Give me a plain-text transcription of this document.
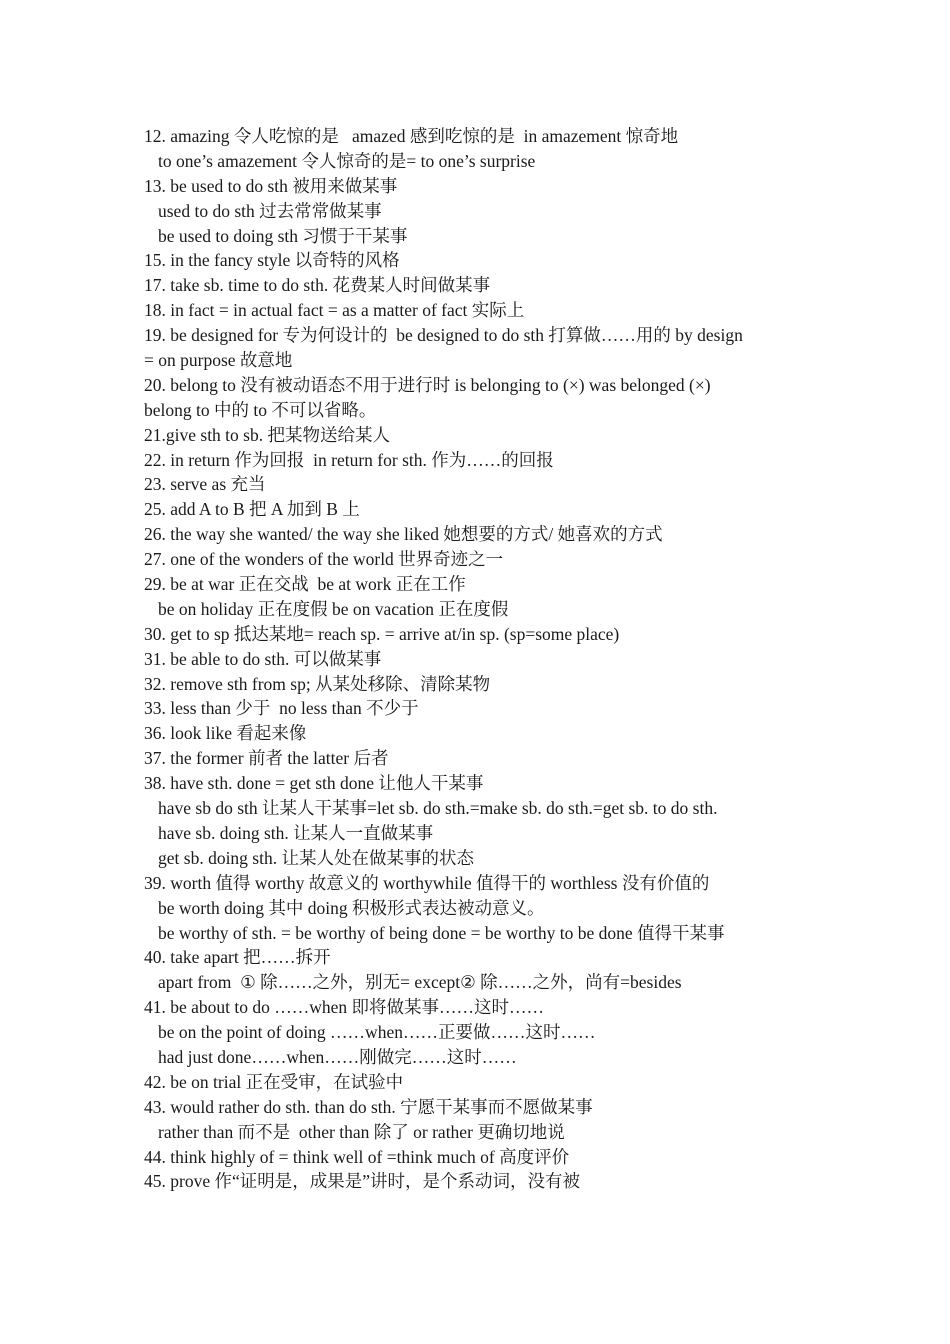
12. amazing 令人吃惊的是   amazed 感到吃惊的是  in amazement 惊奇地
to one’s amazement 令人惊奇的是= to one’s surprise
13. be used to do sth 被用来做某事
used to do sth 过去常常做某事
be used to doing sth 习惯于干某事
15. in the fancy style 以奇特的风格
17. take sb. time to do sth. 花费某人时间做某事
18. in fact = in actual fact = as a matter of fact 实际上
19. be designed for 专为何设计的  be designed to do sth 打算做……用的 by design
= on purpose 故意地
20. belong to 没有被动语态不用于进行时 is belonging to (×) was belonged (×)
belong to 中的 to 不可以省略。
21.give sth to sb. 把某物送给某人
22. in return 作为回报  in return for sth. 作为……的回报
23. serve as 充当
25. add A to B 把 A 加到 B 上
26. the way she wanted/ the way she liked 她想要的方式/ 她喜欢的方式
27. one of the wonders of the world 世界奇迹之一
29. be at war 正在交战  be at work 正在工作
be on holiday 正在度假 be on vacation 正在度假
30. get to sp 抵达某地= reach sp. = arrive at/in sp. (sp=some place)
31. be able to do sth. 可以做某事
32. remove sth from sp; 从某处移除、清除某物
33. less than 少于  no less than 不少于
36. look like 看起来像
37. the former 前者 the latter 后者
38. have sth. done = get sth done 让他人干某事
have sb do sth 让某人干某事=let sb. do sth.=make sb. do sth.=get sb. to do sth.
have sb. doing sth. 让某人一直做某事
get sb. doing sth. 让某人处在做某事的状态
39. worth 值得 worthy 故意义的 worthywhile 值得干的 worthless 没有价值的
be worth doing 其中 doing 积极形式表达被动意义。
be worthy of sth. = be worthy of being done = be worthy to be done 值得干某事
40. take apart 把……拆开
apart from  ① 除……之外，别无= except② 除……之外，尚有=besides
41. be about to do ……when 即将做某事……这时……
be on the point of doing ……when……正要做……这时……
had just done……when……刚做完……这时……
42. be on trial 正在受审，在试验中
43. would rather do sth. than do sth. 宁愿干某事而不愿做某事
rather than 而不是  other than 除了 or rather 更确切地说
44. think highly of = think well of =think much of 高度评价
45. prove 作“证明是，成果是”讲时，是个系动词，没有被
